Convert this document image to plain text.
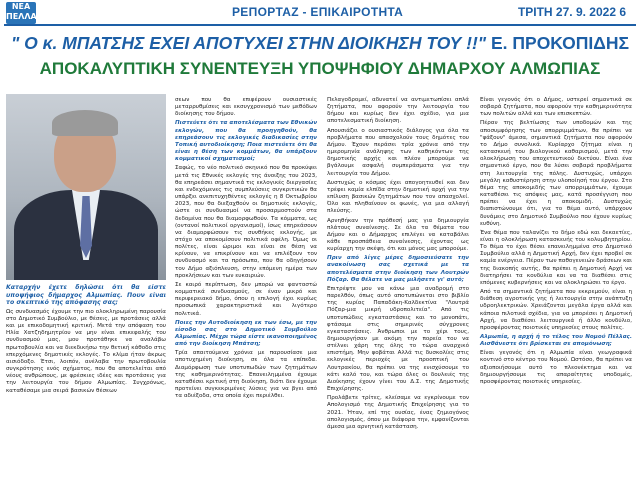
ΝΕΑ
ΠΕΛΛΑ	ΡΕΠΟΡΤΑΖ - ΕΠΙΚΑΙΡΟΤΗΤΑ	ΤΡΙΤΗ 27. 9. 2022 6
" Ο κ. ΜΠΑΤΣΗΣ ΕΧΕΙ ΑΠΟΤΥΧΕΙ ΣΤΗΝ ΔΙΟΙΚΗΣΗ ΤΟΥ !!" Ε. ΠΡΟΚΟΠΙΔΗΣ
ΑΠΟΚΑΛΥΠΤΙΚΗ ΣΥΝΕΝΤΕΥΞΗ ΥΠΟΨΗΦΙΟΥ ΔΗΜΑΡΧΟΥ ΑΛΜΩΠΙΑΣ

Καταρχήν έχετε δηλώσει ότι θα είστε υποψήφιος δήμαρχος Αλμωπίας. Πουν είναι το σκεπτικό της απόφασης σας;

Ως συνδυασμός έχουμε την πιο ολοκληρωμένη παρουσία στο Δημοτικό Συμβούλιο, με θέσεις, με προτάσεις αλλά και με επικοδομητική κριτική. Μετά την απόφαση του Ηλία Χατζηδημητρίου να μην είναι επικεφαλής του συνδυασμού μας, μου προτάθηκε να αναλάβω πρωτοβουλία και να διεκδικήσω την θετική κάθοδο στις επερχόμενες δημοτικές εκλογές. Το κλίμα ήταν άκρως αισιόδοξο. Έτσι, λοιπόν, ανέλαβα την πρωτοβουλία συγκρότησης ενός σχήματος, που θα αποτελείται από νέους ανθρώπους, με φρέσκιες ιδέες και προτάσεις για την λειτουργία του δήμου Αλμωπίας. Συγχρόνως, καταθέσαμε μια σειρά βασικών θέσεων

σεων που θα επιφέρουν ουσιαστικές μεταρρυθμίσεις και εκσυγχρονισμό των μεθόδων διοίκησης του δήμου.

Πιστεύετε ότι τα αποτελέσματα των Εθνικών εκλογών, που θα προηγηθούν, θα επηρεάσουν τις εκλογικές διαδικασίες στην Τοπική αυτοδιοίκηση; Ποια πιστεύετε ότι θα είναι η θέση των κομμάτων, θα υπάρξουν κομματικοί σχηματισμοί;

Σαφώς, το νέο πολιτικό σκηνικό που θα προκύψει μετά τις Εθνικές εκλογές της άνοιξης του 2023, θα επηρεάσει σημαντικά τις εκλογικές διεργασίες και ενδεχόμενες τις συμπλεύσεις συγκριτικών θα υπάρξει ανεπιτυχηθέντες εκλογές η 8 Οκτωβρίου 2023, που θα διεξαχθούν οι δημοτικές εκλογές, ώστε οι συνδυασμοί να προσαρμοστούν στα δεδομένα που θα διαμορφωθούν. Τα κόμματα, ως (οντανοί πολιτικοί οργανισμοί), ίσως επηρεάσουν να διαμορφώσουν τις συνθήκες εκλογής, με στόχο να αποκομίσουν πολιτικά οφέλη. Όμως οι πολίτες, είναι ώριμοι και είναι σε θέση να κρίνουν, να επικρίνουν και να επιλέξουν τον συνδυασμό και τα πρόσωπα, που θα οδηγήσουν τον Δήμο αξιόπλευση, στην επόμενη ημέρα των προκλήσεων και των ευκαιριών.

Σε καιρό περίπτωση, δεν μπορώ να φανταστώ κομματικά συνδυασμούς, σε έναν μικρό και περιφερειακό δήμο, όπου η επιλογή έχει κυρίως προσωπικά χαρακτηριστικά και λιγότερο πολιτικά.

Ποιες την Αυτοδιοίκηση εκ των έσω, με την είσοδο σας στο Δημοτικό Συμβούλιο Αλμωπίας. Μέχρι τώρα είστε ικανοποιημένος από την διοίκηση Μπάτση;

Τρία απαιτούμενα χρόνια με παρουσίασε μια αποτυχημένη διοίκηση, σε όλα τα επίπεδα. Διαμόρφωση των υποτυπωδών των ζητημάτων της καθημερινότητας. Επανειλημμένα έχουμε καταθέσει κριτική στη διοίκηση, διότι δεν έχουμε προτείνει συγκεκριμένες λύσεις για να βγει από τα αδιέξοδα, στα οποία έχει περιέλθει.

Πελαγοδρομεί, αδυνατεί να αντιμετωπίσει απλά ζητήματα, που αφορούν την λειτουργία του δήμου και κυρίως δεν έχει σχέδιο, για μια αποτελεσματική διοίκηση.

Απουσιάζει ο ουσιαστικός διάλογος για όλα τα προβλήματα που απασχολούν τους δημότες του Δήμου. Έχουν περάσει τρία χρόνια από την ημερομηνία ανάληψης των καθηκόντων της δημοτικής αρχής και πλέον μπορούμε να βγάλουμε ασφαλή συμπεράσματα για την λειτουργία του Δήμου.

Δυστυχώς ο κόσμος έχει απογοητευθεί και δεν τρέφει καμία ελπίδα στην δημοτική αρχή για την επίλυση βασικών ζητημάτων που τον απασχολεί. Όλο και πληθαίνουν οι φωνές, για μια αλλαγή πλεύσης.

Αρνηθήκαν την πρόθεσή μας για δημιουργία πλάτους συναίνεσης. Σε όλα τα θέματα του Δήμου και ο Δήμαρχος επιλέγει να καταβάλει κάθε προσπάθεια συναίνεσης, έχοντας ως κυρίαρχη την σκέψη, ότι και μόνος μας μπορούμε.

Πριν από λίγες μέρες δημοσιεύσατε την ανακοίνωση σας σχετικά με τα αποτελέσματα στην διοίκηση των Λουτρών Πόζαρ. Θα θέλατε να μας μιλήσετε γι' αυτό;

Επιτρέψτε μου να κάνω μια αναδρομή στο παρελθόν, όπως αυτό αποτυπώνεται στο βιβλίο της κυρίας Παπαδάκη-Καλδεκτίνα "Λουτρά Πόζαρ-μια μικρή υδροπολιτεία". Από τις υποτυπώδεις εγκαταστάσεις και το μονοπάτι, φτάσαμε στις σημερινές σύγχρονες εγκαταστάσεις. Άνθρωποι με το χέρι τους, δημιουργήσαν με ακόμη την πορεία του να στέλνει χάρη της όλης το τώρα αναρχικό επιστήμη. Μην φοβάται Αλλά τις δυσκολίες στις εκλογικές περιοχές με προοπτική του Λουτρακίου, θα πρέπει να της ενισχύσουμε το κάτι καλό του, και τώρα όλες οι δουλειές της Διοίκησης έχουν γίνει του Δ.Σ. της Δημοτικής Επιχείρησης.

Προλάβετε τρίτες, κλείσαμε να εγκρίνουμε τον Απολογισμό της Δημοτικής Επιχείρησης για το 2021. Ήταν, επί της ουσίας, ένας ζημιογόνος απολογισμός, όπου με διάφορα την, εμφανίζονται άμεσα μια αρνητική κατάσταση.

Είναι γεγονός ότι ο Δήμος, υστερεί σημαντικά σε σοβαρά ζητήματα, που αφορούν την καθημερινότητα των πολιτών αλλά και των επισκεπτών.

Πέραν της βελτίωσης των υποδομών και της αποσυμφόρησης των απορριμμάτων, θα πρέπει να "ψάξουν" άμεσα, σημαντικά ζητήματα που αφορούν το Δήμο συνολικά. Κυρίαρχο ζήτημα είναι η κατασκευή του βιολογικού καθαρισμού, μετά την ολοκλήρωση του αποχετευτικού δικτύου. Είναι ένα σημαντικό έργο, που θα λύσει σοβαρά προβλήματα στη λειτουργία της πόλης. Δυστυχώς, υπάρχει μεγάλη καθυστέρηση στην υλοποίησή του έργου. Στο θέμα της αποκομιδής των απορριμμάτων, έχουμε καταθέσει τις απόψεις μας, κατά προσέγγιση που πρέπει να έχει η αποκομιδή. Δυστυχώς διαπιστώνουμε ότι, για το θέμα αυτό, υπάρχουν δυνάμεις στο Δημοτικό Συμβούλιο που έχουν κυρίως ευθύνη.

Ένα θέμα που ταλανίζει το δήμο εδώ και δεκαετίες, είναι η ολοκλήρωση κατασκευής του κολυμβητηρίου. Το θέμα το έχει θέσει επανειλημμένα στο Δημοτικό Συμβούλιο αλλά η Δημοτική Αρχή, δεν έχει προβεί σε καμία ενέργεια. Πέραν των παθογενειών δράσεων και της διακοπής αυτής, θα πρέπει η Δημοτική Αρχή να διατηρήσει τα κονδύλια και να τα διαθέσει στις επόμενες κυβερνήσεις και να ολοκληρώσει το έργο.

Από τα σημαντικά ζητήματα που εκκρεμούν, είναι η διάθεση αγροτικής γης ή λειτουργία στην ανάπτυξη υδροηλεκτρικών. Χρειάζονται μεγάλα έργα αλλά και κάποια πιλοτικά σχέδια, για να μπορέσει η Δημοτική Αρχή, να διαθέσει λειτουργικά ή άλλο κονδύλιο, προσφέροντας ποιοτικές υπηρεσίες στους πολίτες.

Αλμωπία, η αρχή ή το τέλος του Νομού Πέλλας. Αισθάνεστε ότι βρίσκεται σε απομόνωση;

Είναι γεγονός ότι η Αλμωπία είναι γεωγραφικά κοντινό στο κέντρο του Νομού. Ωστόσο, θα πρέπει να αξιοποιήσουμε αυτό το πλεονέκτημα και να δημιουργήσουμε τις απαραίτητες υποδομές, προσφέροντας ποιοτικές υπηρεσίες.
